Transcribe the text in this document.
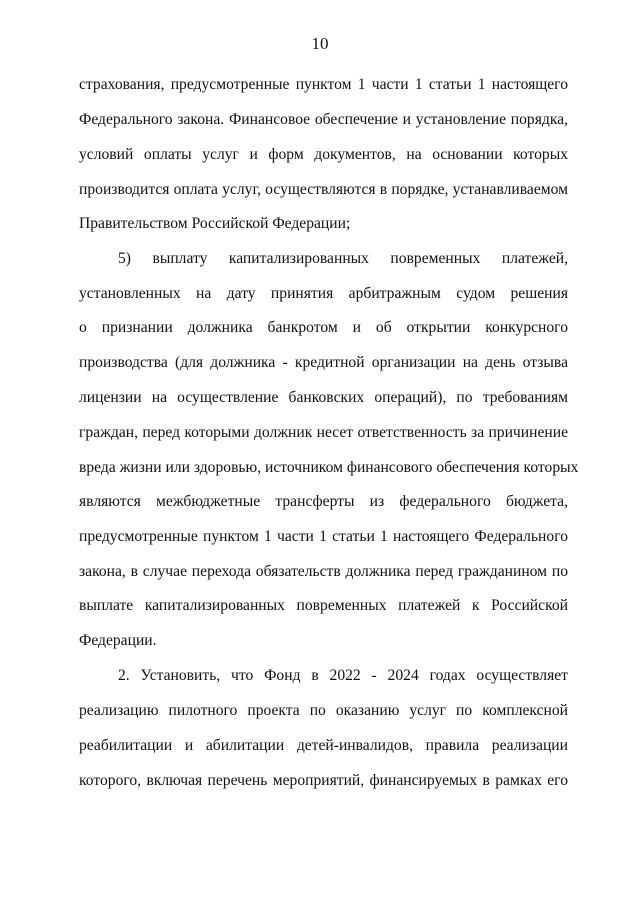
10
страхования, предусмотренные пунктом 1 части 1 статьи 1 настоящего
Федерального закона. Финансовое обеспечение и установление порядка,
условий оплаты услуг и форм документов, на основании которых
производится оплата услуг, осуществляются в порядке, устанавливаемом
Правительством Российской Федерации;
5) выплату капитализированных повременных платежей,
установленных на дату принятия арбитражным судом решения
о признании должника банкротом и об открытии конкурсного
производства (для должника - кредитной организации на день отзыва
лицензии на осуществление банковских операций), по требованиям
граждан, перед которыми должник несет ответственность за причинение
вреда жизни или здоровью, источником финансового обеспечения которых
являются межбюджетные трансферты из федерального бюджета,
предусмотренные пунктом 1 части 1 статьи 1 настоящего Федерального
закона, в случае перехода обязательств должника перед гражданином по
выплате капитализированных повременных платежей к Российской
Федерации.
2. Установить, что Фонд в 2022 - 2024 годах осуществляет
реализацию пилотного проекта по оказанию услуг по комплексной
реабилитации и абилитации детей-инвалидов, правила реализации
которого, включая перечень мероприятий, финансируемых в рамках его
